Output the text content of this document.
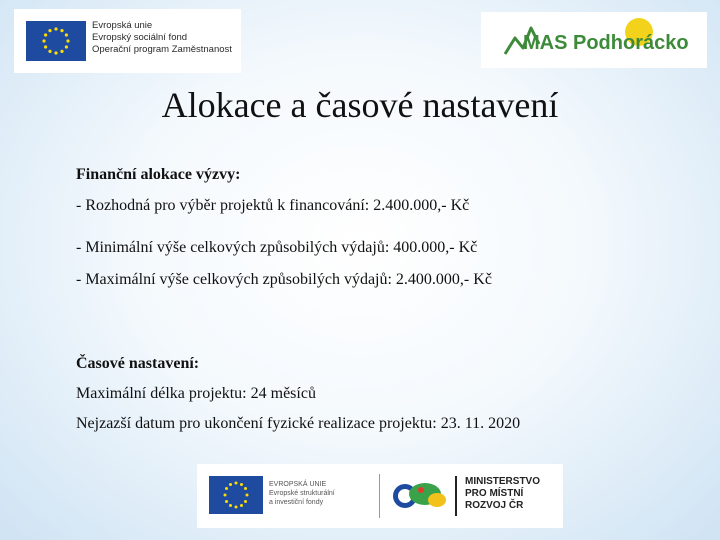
Evropská unie
Evropský sociální fond
Operační program Zaměstnanost	MAS Podhorácko
Alokace a časové nastavení

Finanční alokace výzvy:

- Rozhodná pro výběr projektů k financování: 2.400.000,- Kč

- Minimální výše celkových způsobilých výdajů: 400.000,- Kč

- Maximální výše celkových způsobilých výdajů: 2.400.000,- Kč

Časové nastavení:

Maximální délka projektu: 24 měsíců

Nejzazší datum pro ukončení fyzické realizace projektu: 23. 11. 2020

EVROPSKÁ UNIE
Evropské strukturální
a investiční fondy
MINISTERSTVO
PRO MÍSTNÍ
ROZVOJ ČR
